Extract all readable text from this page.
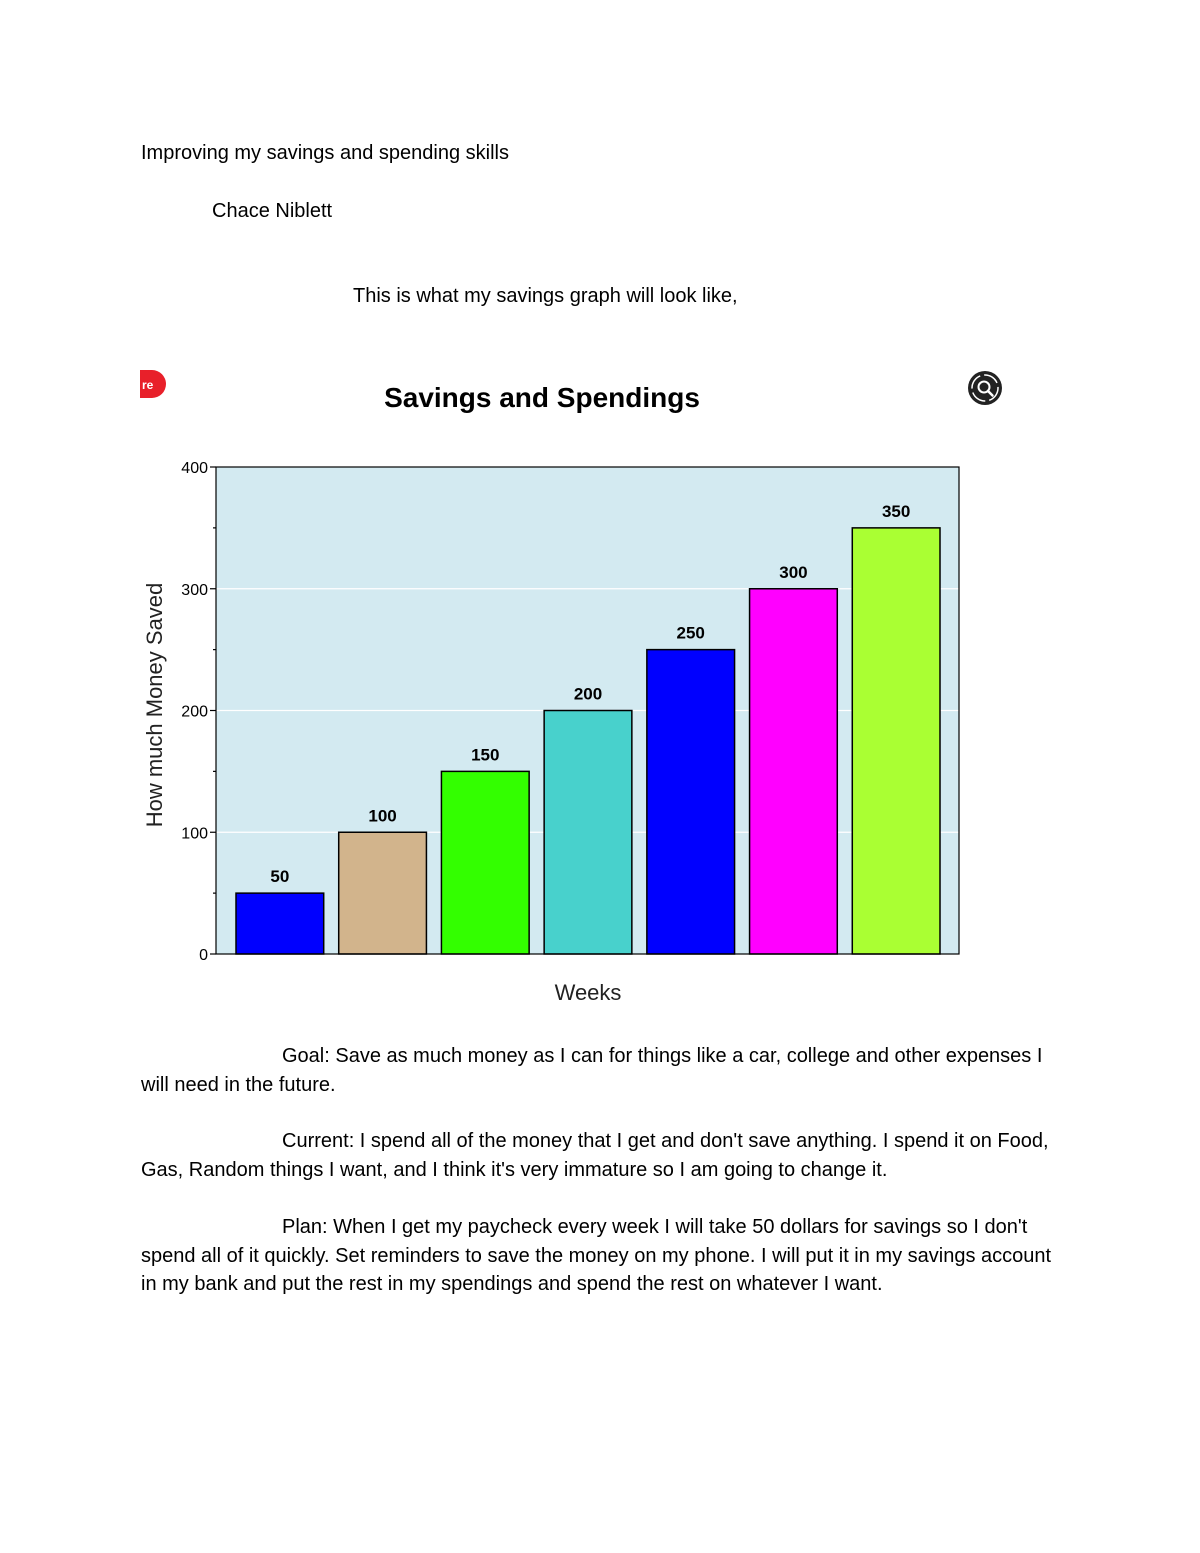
Improving my savings and spending skills

Chace Niblett

This is what my savings graph will look like,

re	Savings and Spendings
50
100
150
200
250
300
350
0
100
200
300
400
Weeks
How much Money Saved

Goal: Save as much money as I can for things like a car, college and other expenses I will need in the future.

Current: I spend all of the money that I get and don't save anything. I spend it on Food, Gas, Random things I want, and I think it's very immature so I am going to change it.

Plan: When I get my paycheck every week I will take 50 dollars for savings so I don't spend all of it quickly. Set reminders to save the money on my phone. I will put it in my savings account in my bank and put the rest in my spendings and spend the rest on whatever I want.
